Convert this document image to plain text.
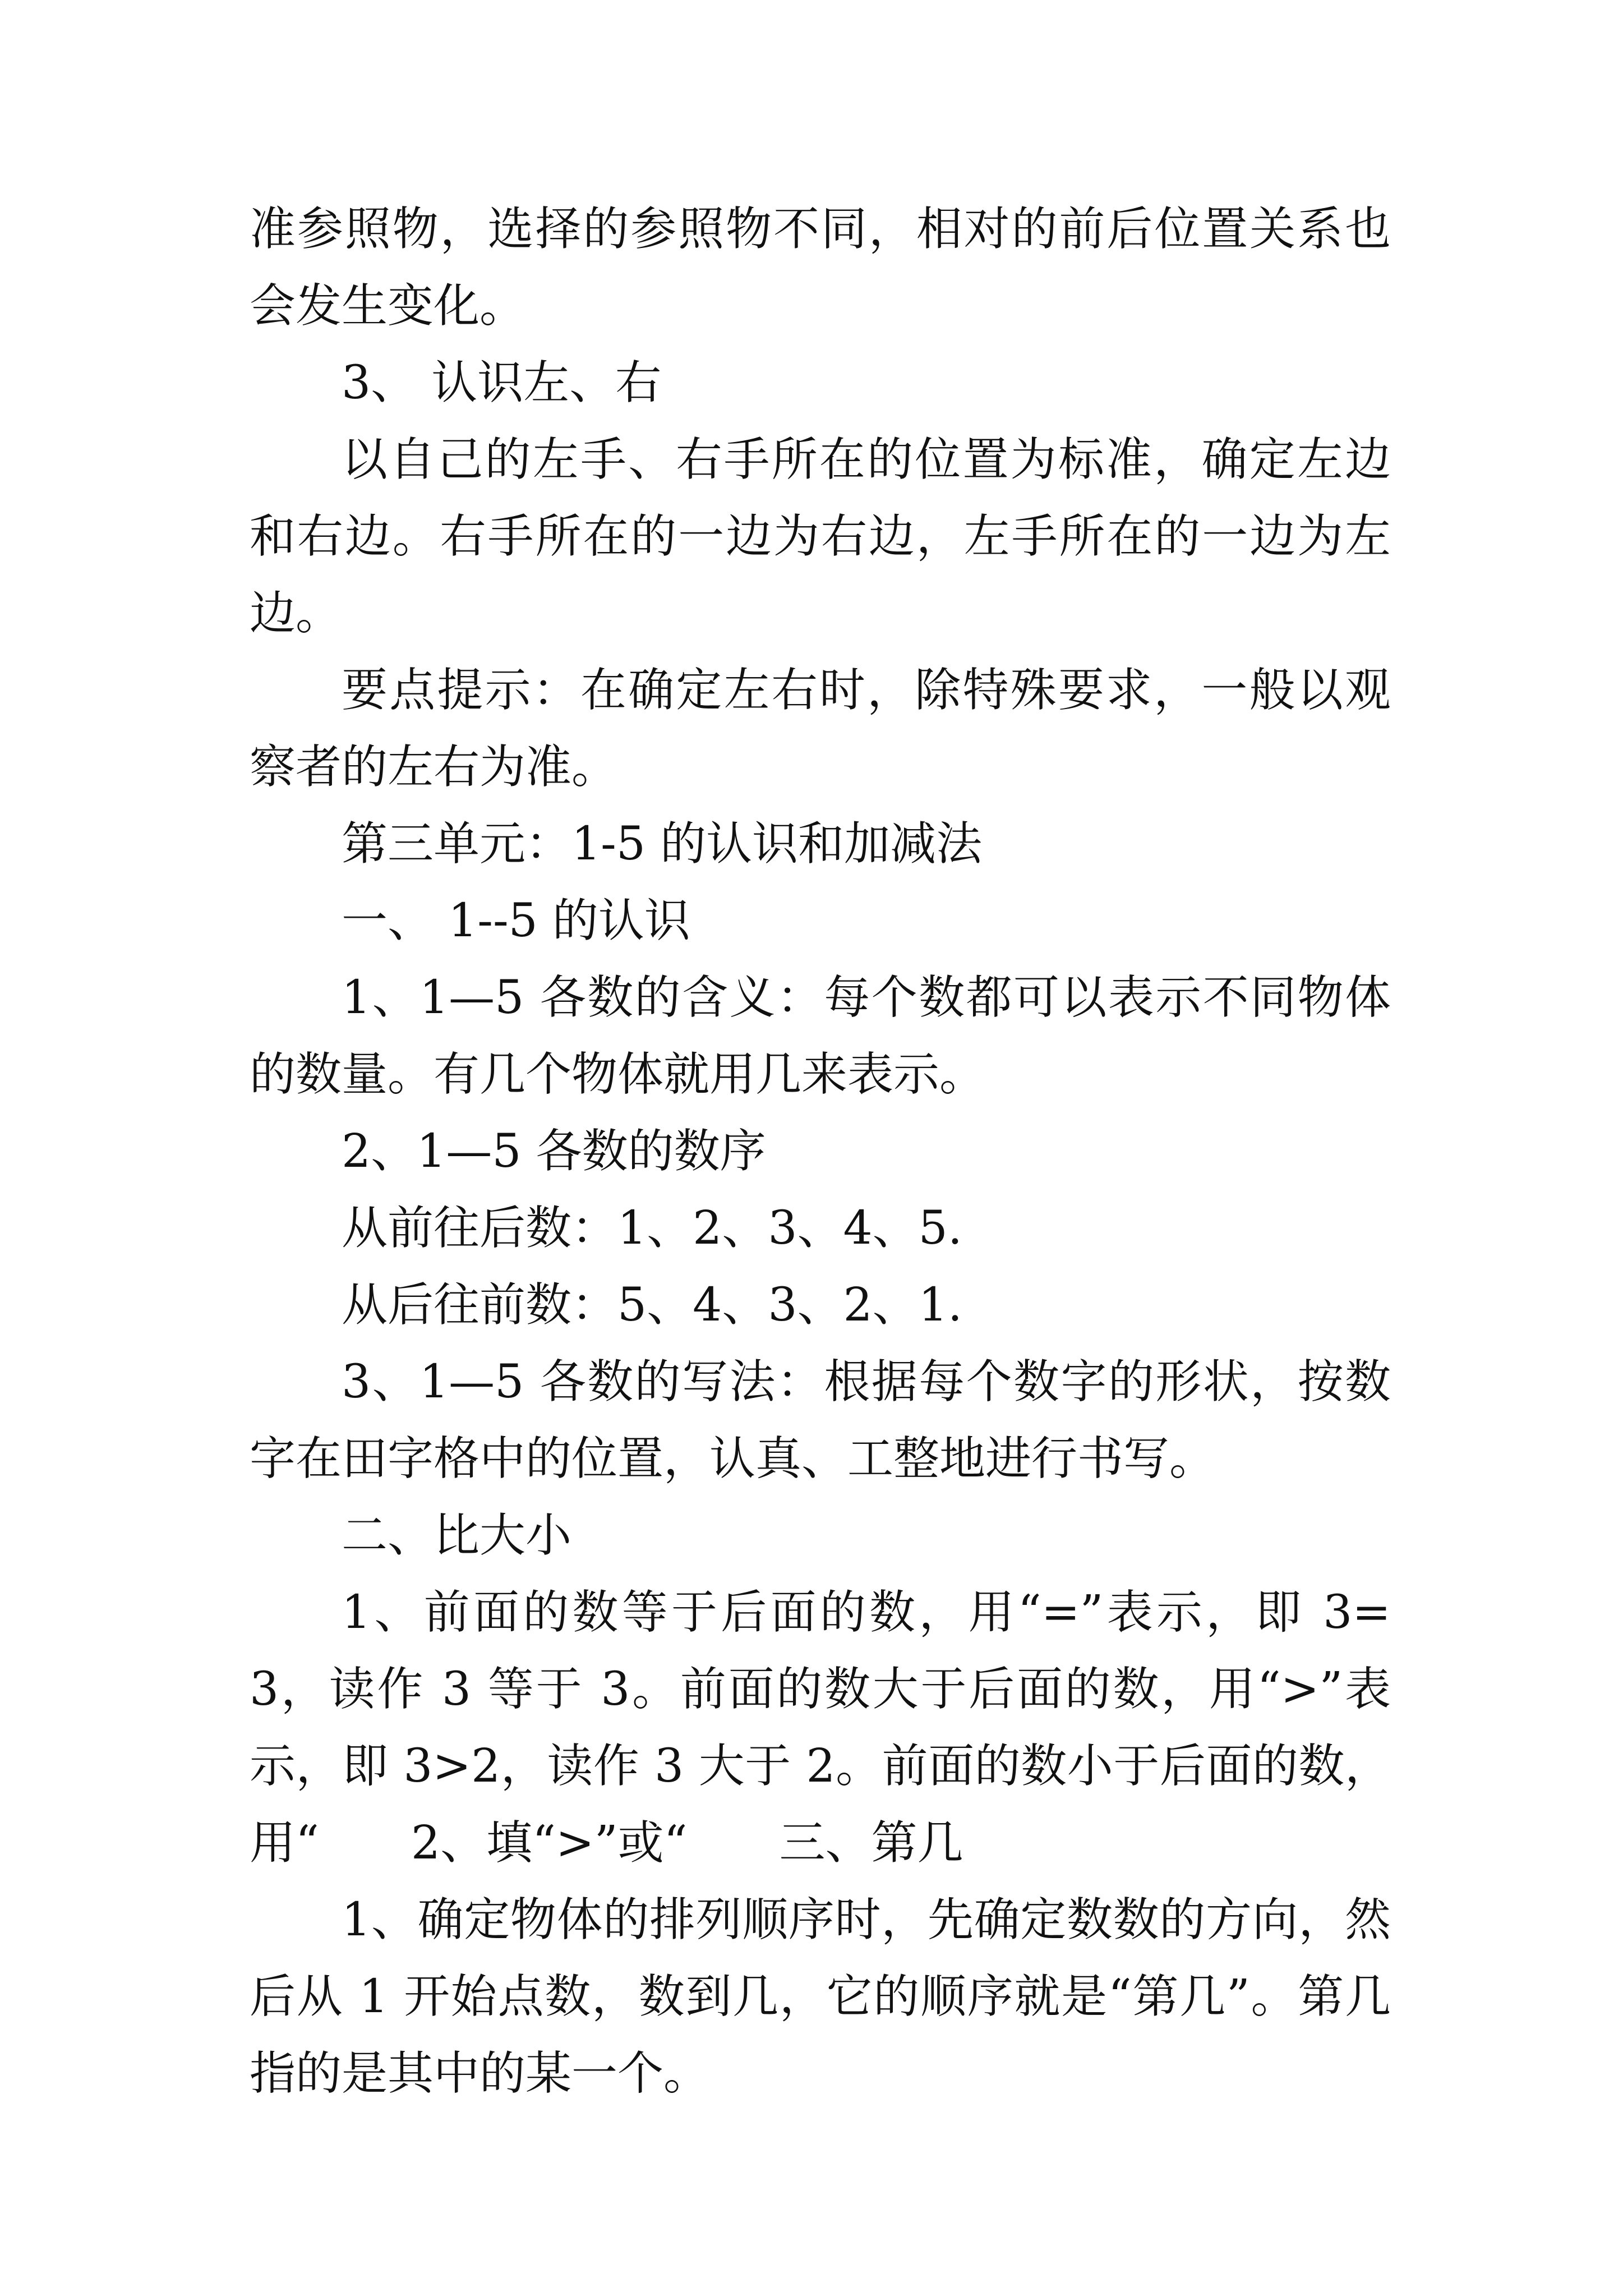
准参照物，选择的参照物不同，相对的前后位置关系也会发生变化。

3、 认识左、右

以自己的左手、右手所在的位置为标准，确定左边和右边。右手所在的一边为右边，左手所在的一边为左边。

要点提示：在确定左右时，除特殊要求，一般以观察者的左右为准。

第三单元：1-5 的认识和加减法

一、 1--5 的认识

1、1—5 各数的含义：每个数都可以表示不同物体的数量。有几个物体就用几来表示。

2、1—5 各数的数序

从前往后数：1、2、3、4、5.

从后往前数：5、4、3、2、1.

3、1—5 各数的写法：根据每个数字的形状，按数字在田字格中的位置，认真、工整地进行书写。

二、比大小

1、前面的数等于后面的数，用“=”表示，即 3=3，读作 3 等于 3。前面的数大于后面的数，用“>”表示，即 3>2，读作 3 大于 2。前面的数小于后面的数，用“　　2、填“>”或“　　三、第几

1、确定物体的排列顺序时，先确定数数的方向，然后从 1 开始点数，数到几，它的顺序就是“第几”。第几指的是其中的某一个。
